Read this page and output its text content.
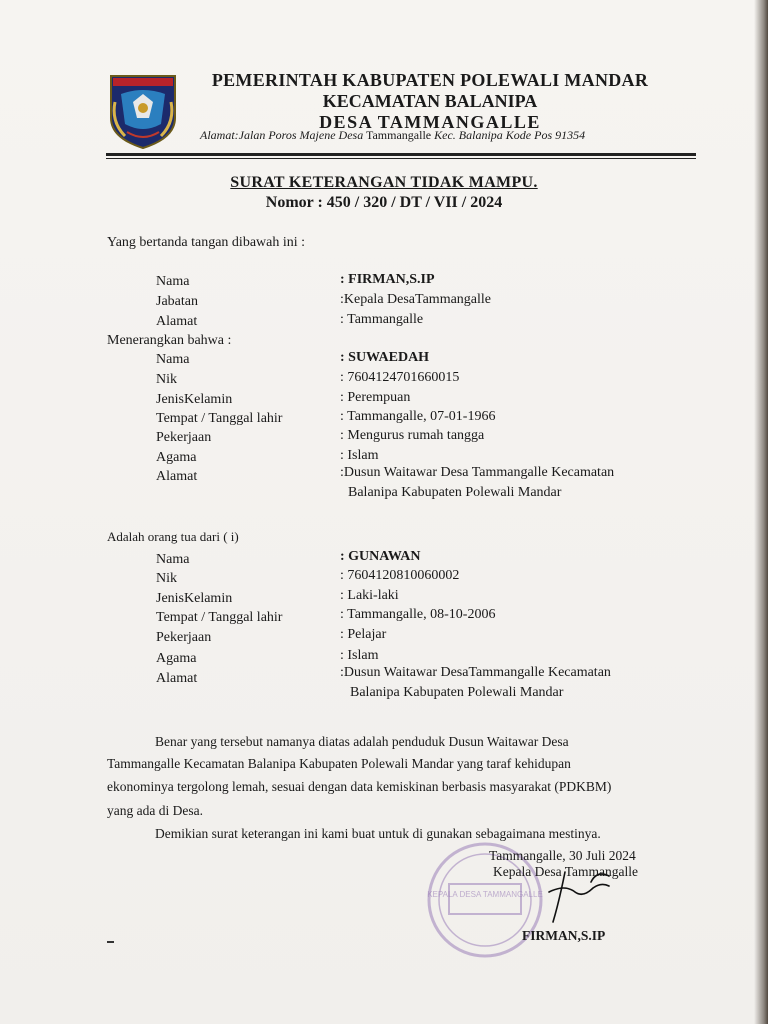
PEMERINTAH KABUPATEN POLEWALI MANDAR
KECAMATAN BALANIPA
DESA TAMMANGALLE
Alamat:Jalan Poros Majene Desa Tammangalle Kec. Balanipa Kode Pos 91354
SURAT KETERANGAN TIDAK MAMPU.
Nomor : 450 / 320 / DT / VII / 2024
Yang bertanda tangan dibawah ini :
Nama	: FIRMAN,S.IP
Jabatan	:Kepala DesaTammangalle
Alamat	: Tammangalle
Menerangkan bahwa :
Nama	: SUWAEDAH
Nik	: 7604124701660015
JenisKelamin	: Perempuan
Tempat / Tanggal lahir	: Tammangalle, 07-01-1966
Pekerjaan	: Mengurus rumah tangga
Agama	: Islam
Alamat	:Dusun Waitawar Desa Tammangalle Kecamatan
Balanipa Kabupaten Polewali Mandar
Adalah orang tua dari ( i)
Nama	: GUNAWAN
Nik	: 7604120810060002
JenisKelamin	: Laki-laki
Tempat / Tanggal lahir	: Tammangalle, 08-10-2006
Pekerjaan	: Pelajar
Agama	: Islam
Alamat	:Dusun Waitawar DesaTammangalle Kecamatan
Balanipa Kabupaten Polewali Mandar
Benar yang tersebut namanya diatas adalah penduduk Dusun Waitawar Desa
Tammangalle Kecamatan Balanipa Kabupaten Polewali Mandar yang taraf kehidupan
ekonominya tergolong lemah, sesuai dengan data kemiskinan berbasis masyarakat (PDKBM)
yang ada di Desa.
Demikian surat keterangan ini kami buat untuk di gunakan sebagaimana mestinya.
KEPALA DESA TAMMANGALLE
Tammangalle, 30 Juli 2024
Kepala Desa Tammangalle
FIRMAN,S.IP
